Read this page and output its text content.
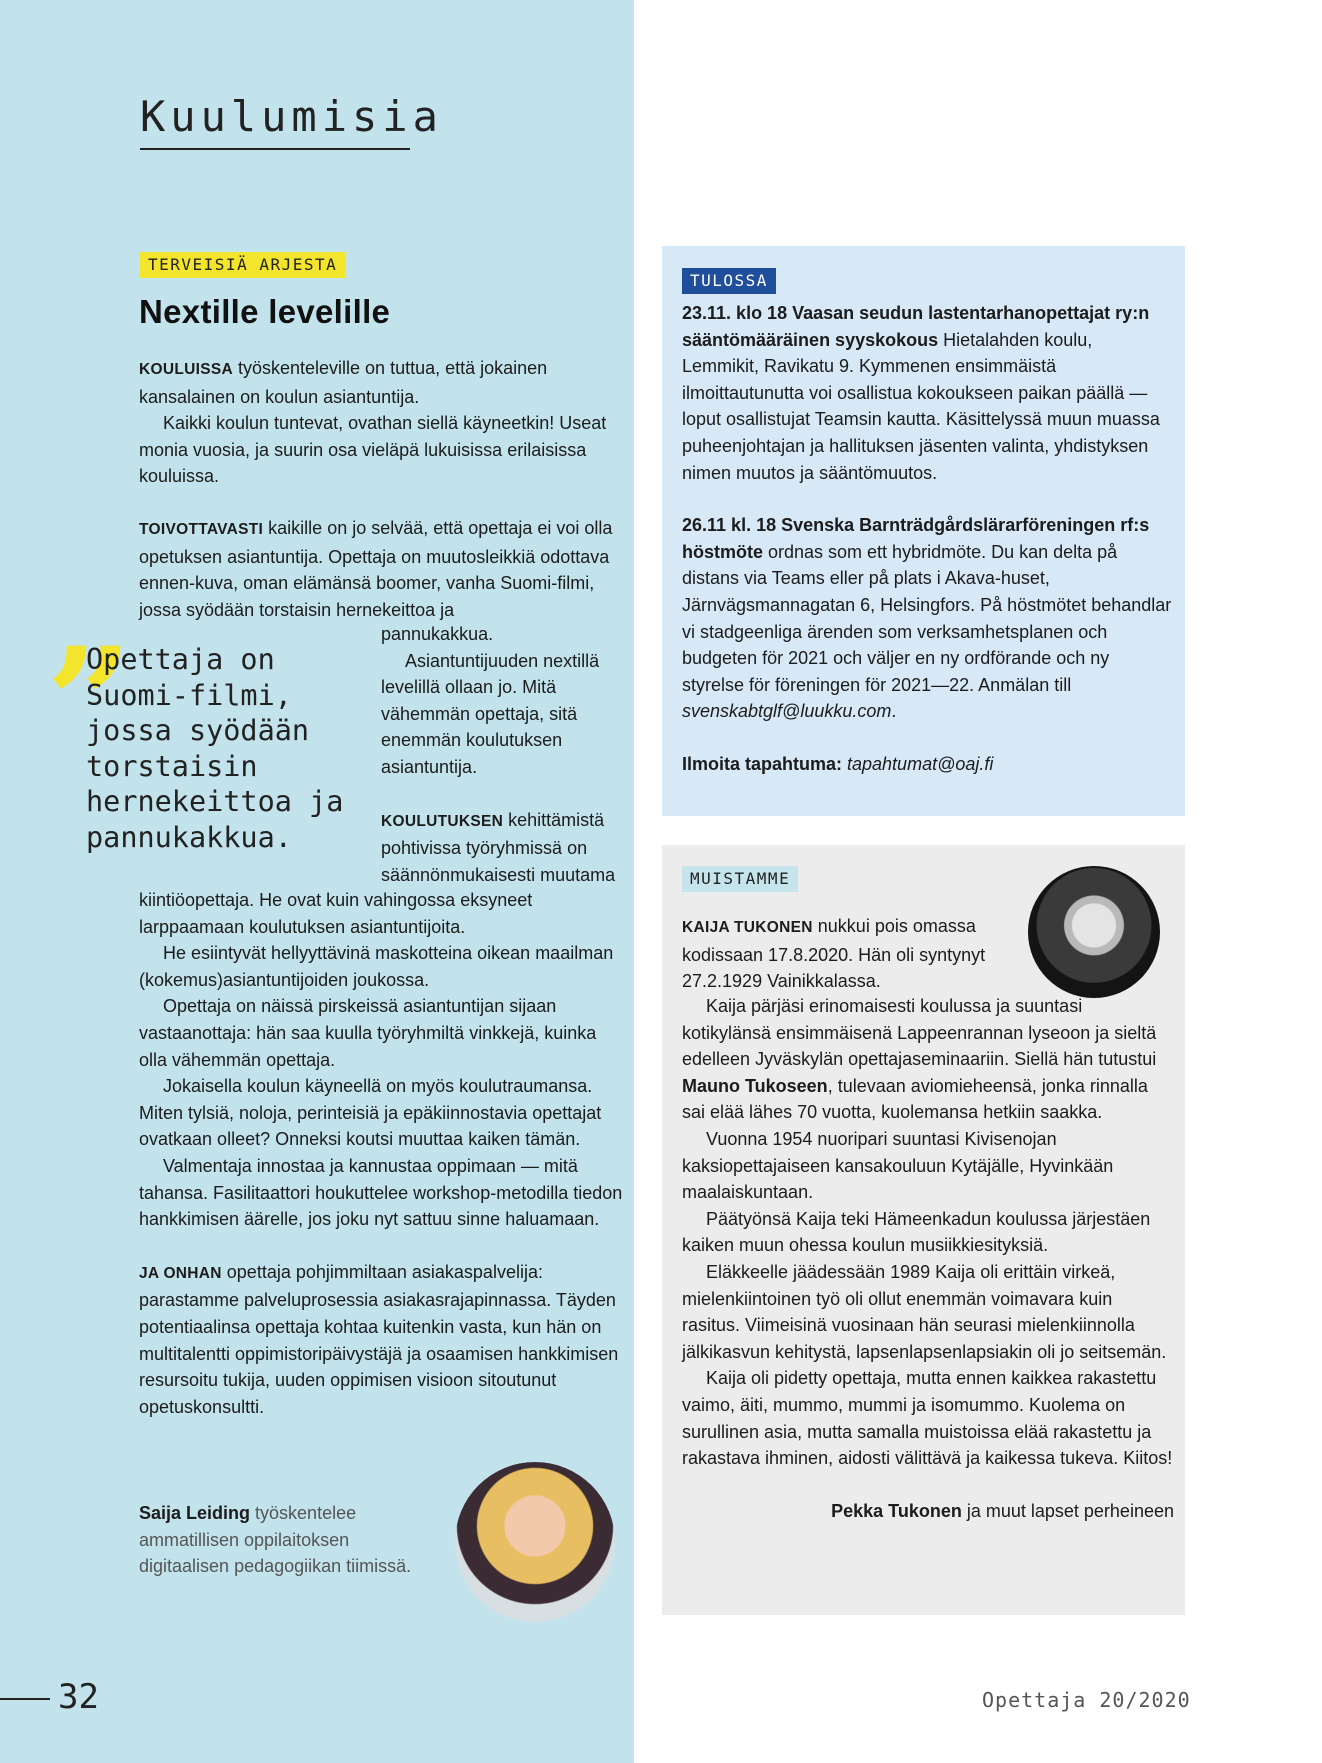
Kuulumisia
TERVEISIÄ ARJESTA
Nextille levelille

KOULUISSA työskenteleville on tuttua, että jokainen kansalainen on koulun asiantuntija.

Kaikki koulun tuntevat, ovathan siellä käyneetkin! Useat monia vuosia, ja suurin osa vieläpä lukuisissa erilaisissa kouluissa.

TOIVOTTAVASTI kaikille on jo selvää, että opettaja ei voi olla opetuksen asiantuntija. Opettaja on muutosleikkiä odottava ennen-kuva, oman elämänsä boomer, vanha Suomi-filmi, jossa syödään torstaisin hernekeittoa ja

pannukakkua.

Asiantuntijuuden nextillä levelillä ollaan jo. Mitä vähemmän opettaja, sitä enemmän koulutuksen asiantuntija.

KOULUTUKSEN kehittämistä pohtivissa työryhmissä on säännönmukaisesti muutama

”

Opettaja on Suomi-filmi, jossa syödään torstaisin hernekeittoa ja pannukakkua.

kiintiöopettaja. He ovat kuin vahingossa eksyneet larppaamaan koulutuksen asiantuntijoita.

He esiintyvät hellyyttävinä maskotteina oikean maailman (kokemus)asiantuntijoiden joukossa.

Opettaja on näissä pirskeissä asiantuntijan sijaan vastaanottaja: hän saa kuulla työryhmiltä vinkkejä, kuinka olla vähemmän opettaja.

Jokaisella koulun käyneellä on myös koulutraumansa. Miten tylsiä, noloja, perinteisiä ja epäkiinnostavia opettajat ovatkaan olleet? Onneksi koutsi muuttaa kaiken tämän.

Valmentaja innostaa ja kannustaa oppimaan — mitä tahansa. Fasilitaattori houkuttelee workshop-metodilla tiedon hankkimisen äärelle, jos joku nyt sattuu sinne haluamaan.

JA ONHAN opettaja pohjimmiltaan asiakaspalvelija: parastamme palveluprosessia asiakasrajapinnassa. Täyden potentiaalinsa opettaja kohtaa kuitenkin vasta, kun hän on multitalentti oppimistoripäivystäjä ja osaamisen hankkimisen resursoitu tukija, uuden oppimisen visioon sitoutunut opetuskonsultti.

Saija Leiding työskentelee ammatillisen oppilaitoksen digitaalisen pedagogiikan tiimissä.

TULOSSA

23.11. klo 18 Vaasan seudun lastentarhanopettajat ry:n sääntömääräinen syyskokous Hietalahden koulu, Lemmikit, Ravikatu 9. Kymmenen ensimmäistä ilmoittautunutta voi osallistua kokoukseen paikan päällä — loput osallistujat Teamsin kautta. Käsittelyssä muun muassa puheenjohtajan ja hallituksen jäsenten valinta, yhdistyksen nimen muutos ja sääntömuutos.

26.11 kl. 18 Svenska Barnträdgårdslärarföreningen rf:s höstmöte ordnas som ett hybridmöte. Du kan delta på distans via Teams eller på plats i Akava-huset, Järnvägsmannagatan 6, Helsingfors. På höstmötet behandlar vi stadgeenliga ärenden som verksamhetsplanen och budgeten för 2021 och väljer en ny ordförande och ny styrelse för föreningen för 2021—22. Anmälan till svenskabtglf@luukku.com.

Ilmoita tapahtuma: tapahtumat@oaj.fi

MUISTAMME

KAIJA TUKONEN nukkui pois omassa kodissaan 17.8.2020. Hän oli syntynyt 27.2.1929 Vainikkalassa.

Kaija pärjäsi erinomaisesti koulussa ja suuntasi kotikylänsä ensimmäisenä Lappeenrannan lyseoon ja sieltä edelleen Jyväskylän opettajaseminaariin. Siellä hän tutustui Mauno Tukoseen, tulevaan aviomieheensä, jonka rinnalla sai elää lähes 70 vuotta, kuolemansa hetkiin saakka.

Vuonna 1954 nuoripari suuntasi Kivisenojan kaksiopettajaiseen kansakouluun Kytäjälle, Hyvinkään maalaiskuntaan.

Päätyönsä Kaija teki Hämeenkadun koulussa järjestäen kaiken muun ohessa koulun musiikkiesityksiä.

Eläkkeelle jäädessään 1989 Kaija oli erittäin virkeä, mielenkiintoinen työ oli ollut enemmän voimavara kuin rasitus. Viimeisinä vuosinaan hän seurasi mielenkiinnolla jälkikasvun kehitystä, lapsenlapsenlapsiakin oli jo seitsemän.

Kaija oli pidetty opettaja, mutta ennen kaikkea rakastettu vaimo, äiti, mummo, mummi ja isomummo. Kuolema on surullinen asia, mutta samalla muistoissa elää rakastettu ja rakastava ihminen, aidosti välittävä ja kaikessa tukeva. Kiitos!

Pekka Tukonen ja muut lapset perheineen

32	Opettaja 20/2020
